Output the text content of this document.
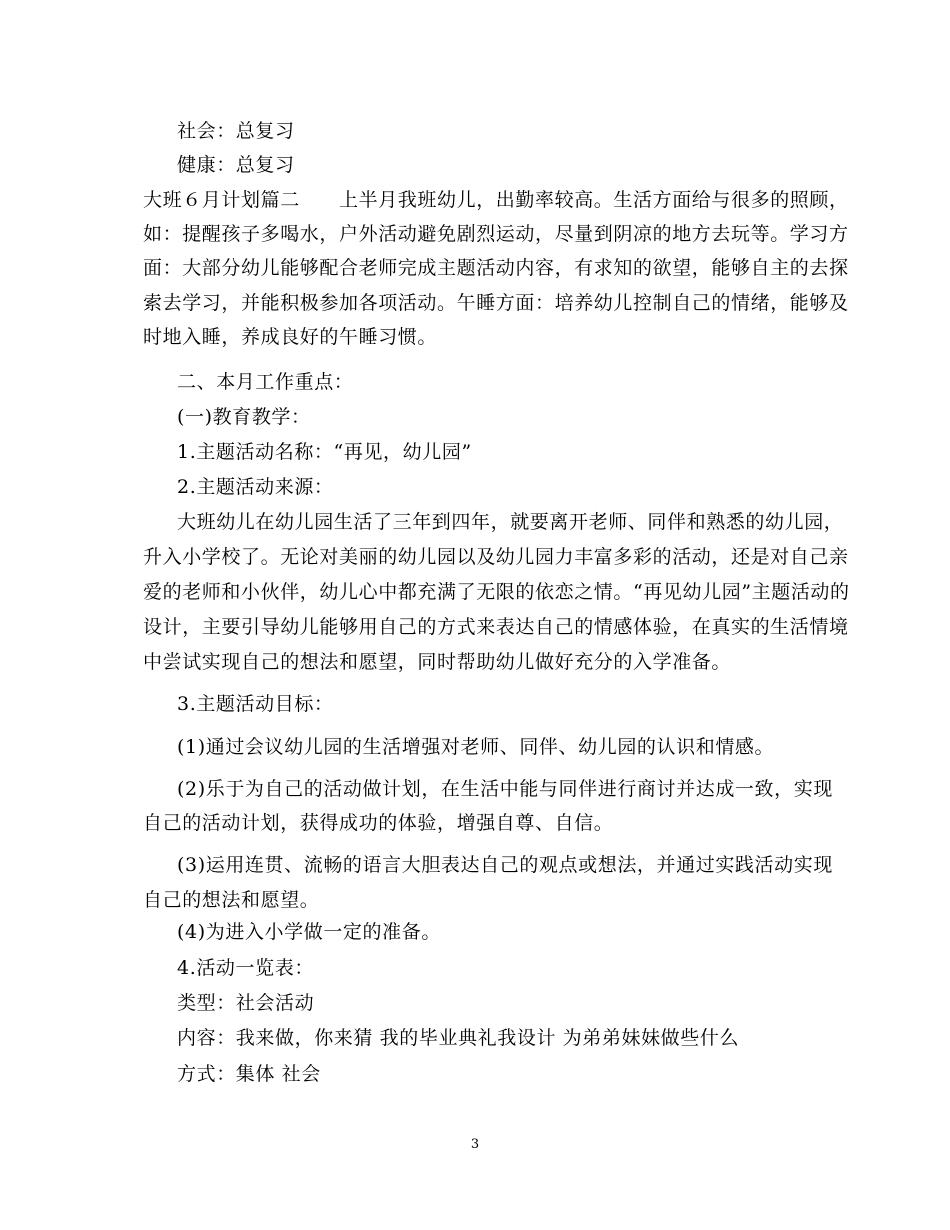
社会：总复习
健康：总复习
大班６月计划篇二　　上半月我班幼儿，出勤率较高。生活方面给与很多的照顾，
如：提醒孩子多喝水，户外活动避免剧烈运动，尽量到阴凉的地方去玩等。学习方
面：大部分幼儿能够配合老师完成主题活动内容，有求知的欲望，能够自主的去探
索去学习，并能积极参加各项活动。午睡方面：培养幼儿控制自己的情绪，能够及
时地入睡，养成良好的午睡习惯。
二、本月工作重点：
(一)教育教学：
1.主题活动名称：“再见，幼儿园”
2.主题活动来源：
大班幼儿在幼儿园生活了三年到四年，就要离开老师、同伴和熟悉的幼儿园，
升入小学校了。无论对美丽的幼儿园以及幼儿园力丰富多彩的活动，还是对自己亲
爱的老师和小伙伴，幼儿心中都充满了无限的依恋之情。“再见幼儿园”主题活动的
设计，主要引导幼儿能够用自己的方式来表达自己的情感体验，在真实的生活情境
中尝试实现自己的想法和愿望，同时帮助幼儿做好充分的入学准备。
3.主题活动目标：
(1)通过会议幼儿园的生活增强对老师、同伴、幼儿园的认识和情感。
(2)乐于为自己的活动做计划，在生活中能与同伴进行商讨并达成一致，实现
自己的活动计划，获得成功的体验，增强自尊、自信。
(3)运用连贯、流畅的语言大胆表达自己的观点或想法，并通过实践活动实现
自己的想法和愿望。
(4)为进入小学做一定的准备。
4.活动一览表：
类型：社会活动
内容：我来做，你来猜 我的毕业典礼我设计 为弟弟妹妹做些什么
方式：集体 社会
3
